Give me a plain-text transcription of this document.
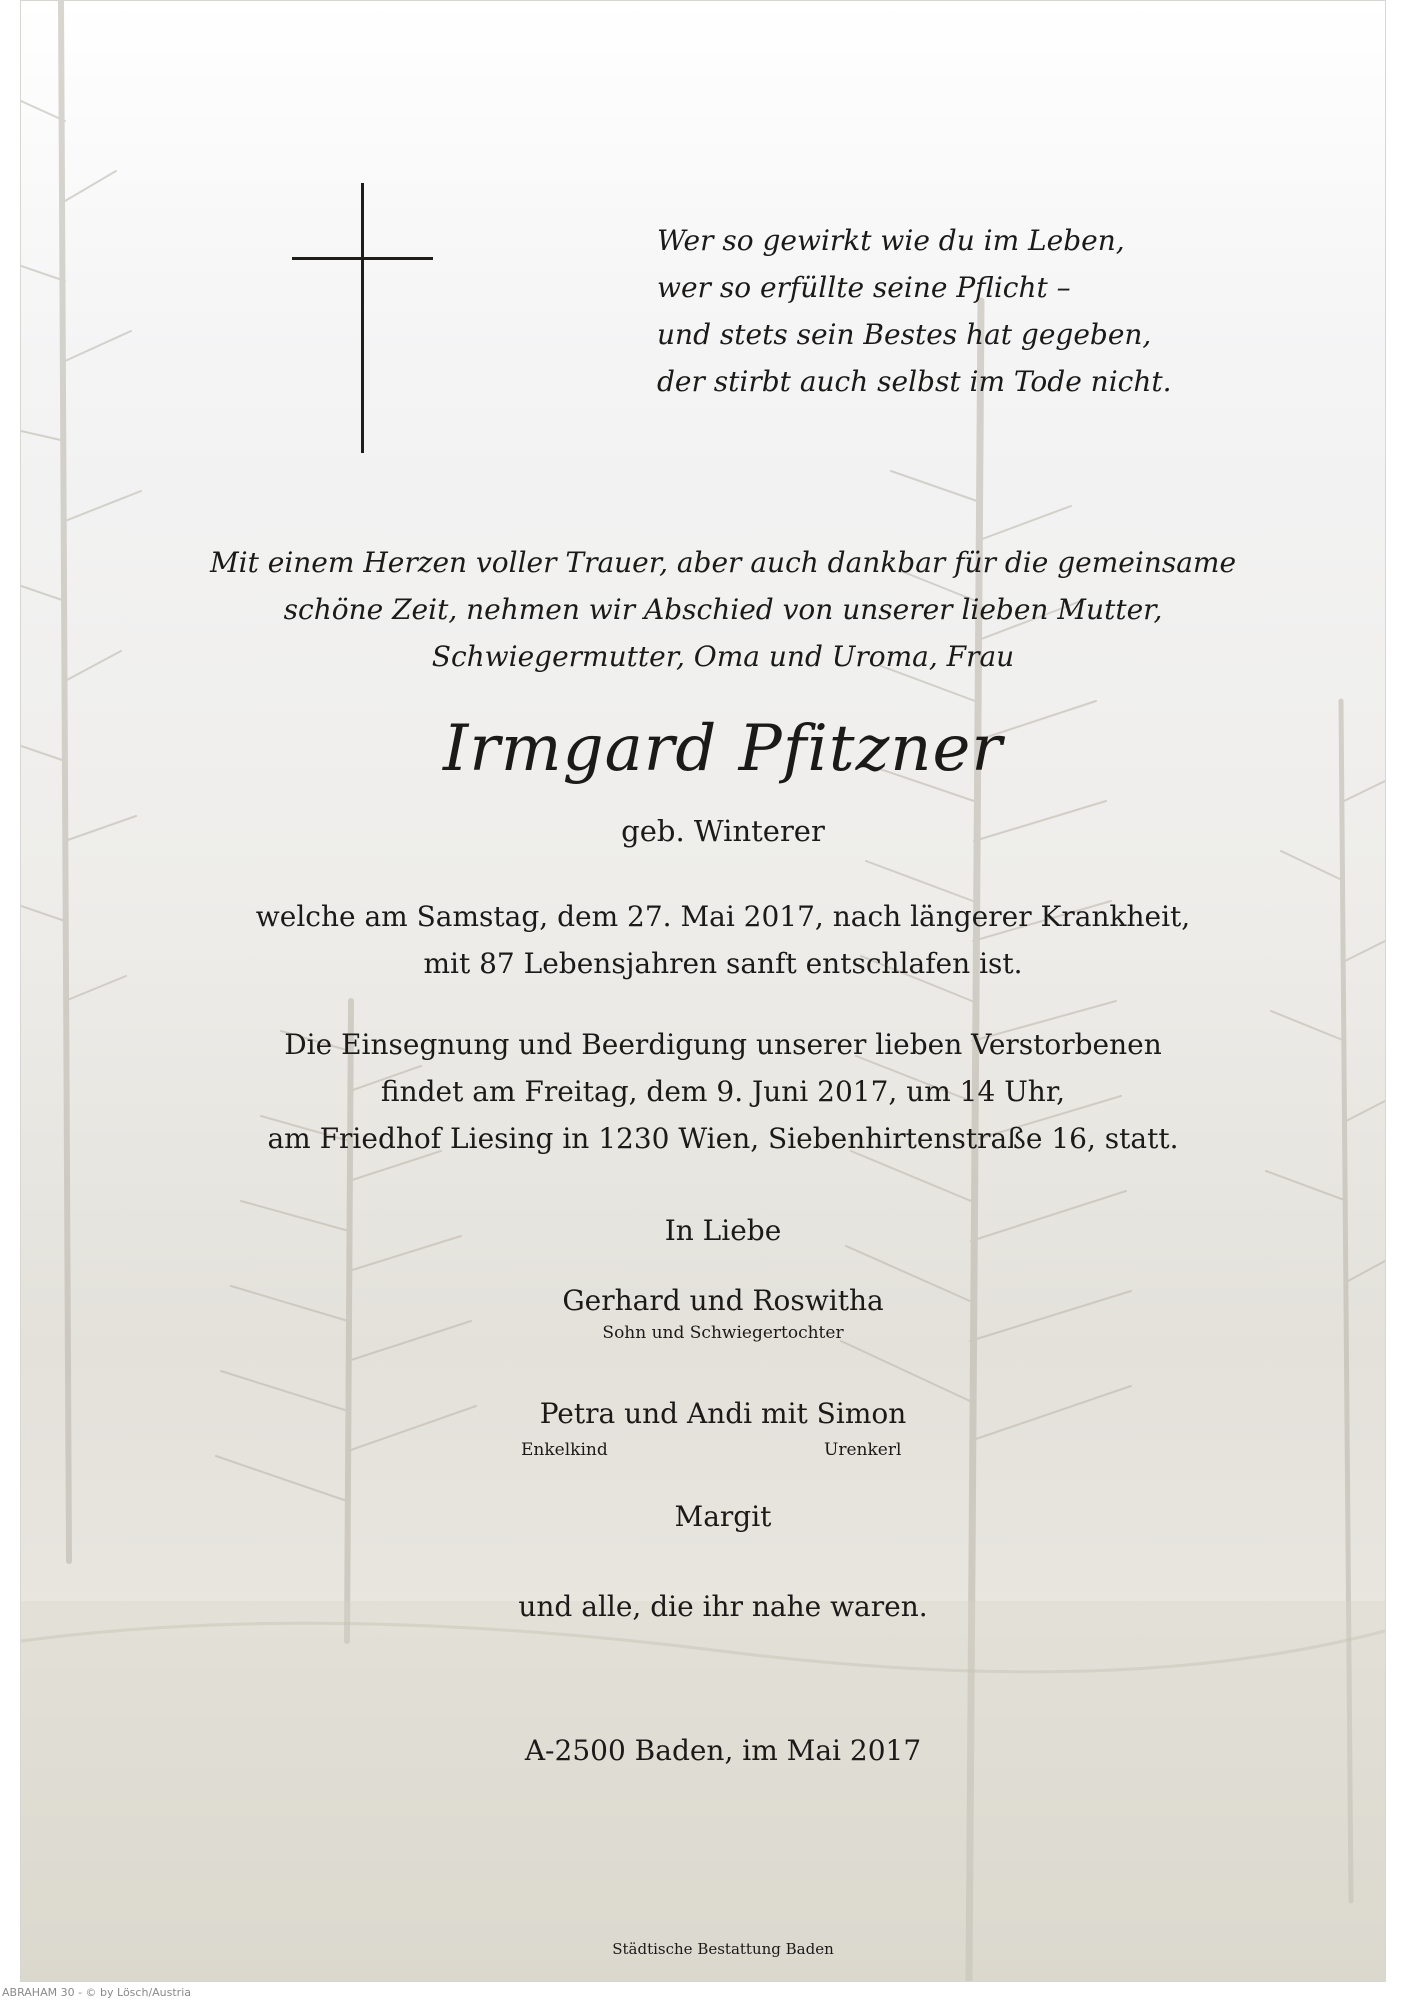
Wer so gewirkt wie du im Leben,
wer so erfüllte seine Pflicht –
und stets sein Bestes hat gegeben,
der stirbt auch selbst im Tode nicht.
Mit einem Herzen voller Trauer, aber auch dankbar für die gemeinsame
schöne Zeit, nehmen wir Abschied von unserer lieben Mutter,
Schwiegermutter, Oma und Uroma, Frau
Irmgard Pfitzner
geb. Winterer
welche am Samstag, dem 27. Mai 2017, nach längerer Krankheit,
mit 87 Lebensjahren sanft entschlafen ist.
Die Einsegnung und Beerdigung unserer lieben Verstorbenen
findet am Freitag, dem 9. Juni 2017, um 14 Uhr,
am Friedhof Liesing in 1230 Wien, Siebenhirtenstraße 16, statt.
In Liebe
Gerhard und Roswitha
Sohn und Schwiegertochter
Petra und Andi mit Simon
Enkelkind	Urenkerl
Margit
und alle, die ihr nahe waren.
A-2500 Baden, im Mai 2017
Städtische Bestattung Baden
ABRAHAM 30 - © by Lösch/Austria
